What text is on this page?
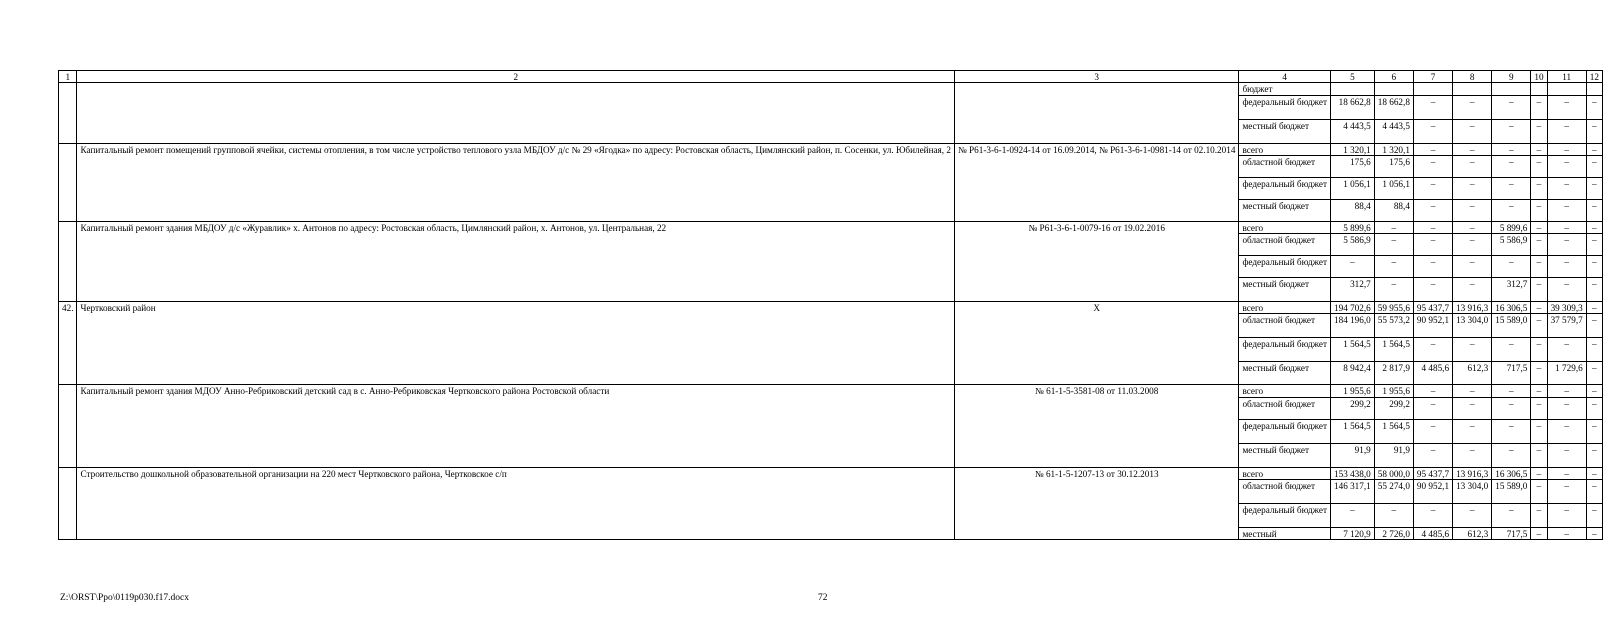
1	2	3	4	5	6	7	8	9	10	11	12
			бюджет								
			федеральный бюджет	18 662,8	18 662,8	–	–	–	–	–	–
			местный бюджет	4 443,5	4 443,5	–	–	–	–	–	–
	Капитальный ремонт помещений групповой ячейки, системы отопления, в том числе устройство теплового узла МБДОУ д/с № 29 «Ягодка» по адресу: Ростовская область, Цимлянский район, п. Сосенки, ул. Юбилейная, 2	№ Р61-3-6-1-0924-14 от 16.09.2014, № Р61-3-6-1-0981-14 от 02.10.2014	всего	1 320,1	1 320,1	–	–	–	–	–	–
			областной бюджет	175,6	175,6	–	–	–	–	–	–
			федеральный бюджет	1 056,1	1 056,1	–	–	–	–	–	–
			местный бюджет	88,4	88,4	–	–	–	–	–	–
	Капитальный ремонт здания МБДОУ д/с «Журавлик» х. Антонов по адресу: Ростовская область, Цимлянский район, х. Антонов, ул. Центральная, 22	№ Р61-3-6-1-0079-16 от 19.02.2016	всего	5 899,6	–	–	–	5 899,6	–	–	–
			областной бюджет	5 586,9	–	–	–	5 586,9	–	–	–
			федеральный бюджет	–	–	–	–	–	–	–	–
			местный бюджет	312,7	–	–	–	312,7	–	–	–
42.	Чертковский район	Х	всего	194 702,6	59 955,6	95 437,7	13 916,3	16 306,5	–	39 309,3	–
			областной бюджет	184 196,0	55 573,2	90 952,1	13 304,0	15 589,0	–	37 579,7	–
			федеральный бюджет	1 564,5	1 564,5	–	–	–	–	–	–
			местный бюджет	8 942,4	2 817,9	4 485,6	612,3	717,5	–	1 729,6	–
	Капитальный ремонт здания МДОУ Анно-Ребриковский детский сад в с. Анно-Ребриковская Чертковского района Ростовской области	№ 61-1-5-3581-08 от 11.03.2008	всего	1 955,6	1 955,6	–	–	–	–	–	–
			областной бюджет	299,2	299,2	–	–	–	–	–	–
			федеральный бюджет	1 564,5	1 564,5	–	–	–	–	–	–
			местный бюджет	91,9	91,9	–	–	–	–	–	–
	Строительство дошкольной образовательной организации на 220 мест Чертковского района, Чертковское с/п	№ 61-1-5-1207-13 от 30.12.2013	всего	153 438,0	58 000,0	95 437,7	13 916,3	16 306,5	–	–	–
			областной бюджет	146 317,1	55 274,0	90 952,1	13 304,0	15 589,0	–	–	–
			федеральный бюджет	–	–	–	–	–	–	–	–
			местный	7 120,9	2 726,0	4 485,6	612,3	717,5	–	–	–
Z:\ORST\Ppo\0119p030.f17.docx	72
